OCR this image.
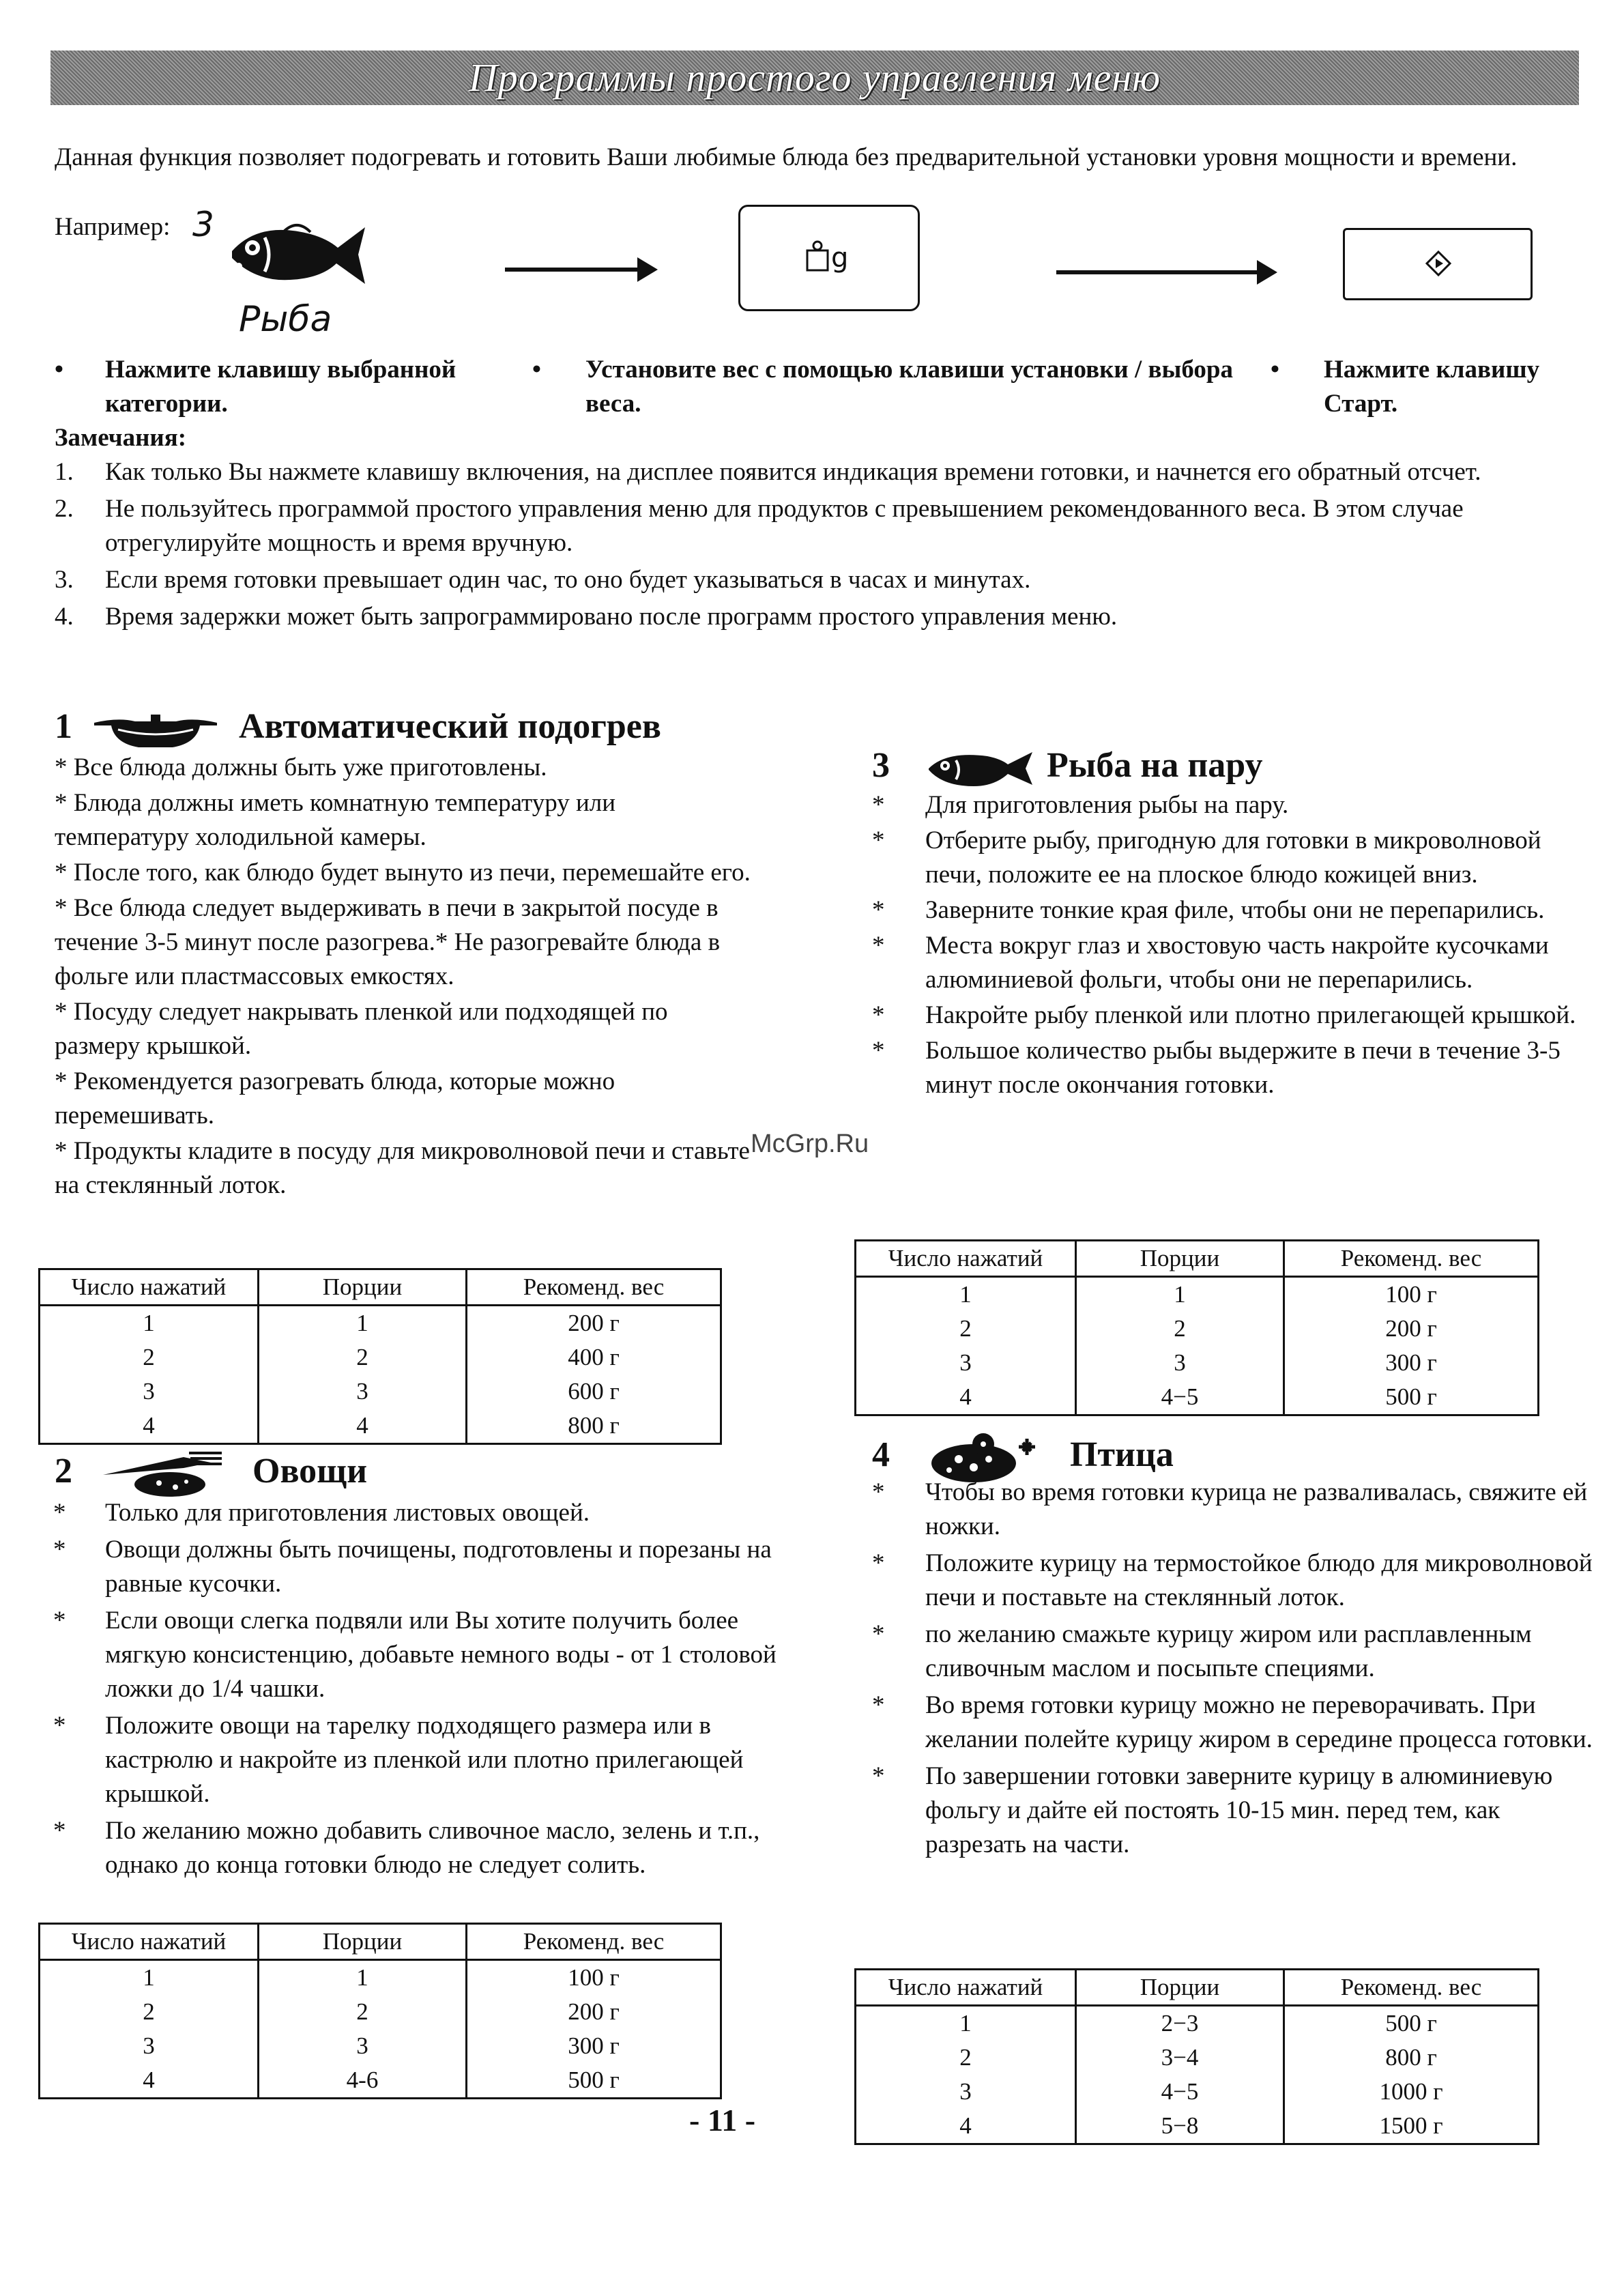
Программы простого управления меню
Данная функция позволяет подогревать и готовить Ваши любимые блюда без предварительной установки уровня мощности и времени.
Например: 3
Рыба
g
• Нажмите клавишу выбранной категории.
• Установите вес с помощью клавиши установки / выбора веса.
• Нажмите клавишу Старт.
Замечания:
1. Как только Вы нажмете клавишу включения, на дисплее появится индикация времени готовки, и начнется его обратный отсчет.
2. Не пользуйтесь программой простого управления меню для продуктов с превышением рекомендованного веса. В этом случае отрегулируйте мощность и время вручную.
3. Если время готовки превышает один час, то оно будет указываться в часах и минутах.
4. Время задержки может быть запрограммировано после программ простого управления меню.
1	Автоматический подогрев
* Все блюда должны быть уже приготовлены.
* Блюда должны иметь комнатную температуру или температуру холодильной камеры.
* После того, как блюдо будет вынуто из печи, перемешайте его.
* Все блюда следует выдерживать в печи в закрытой посуде в течение 3-5 минут после разогрева.* Не разогревайте блюда в фольге или пластмассовых емкостях.
* Посуду следует накрывать пленкой или подходящей по размеру крышкой.
* Рекомендуется разогревать блюда, которые можно перемешивать.
* Продукты кладите в посуду для микроволновой печи и ставьте на стеклянный лоток.
Число нажатий	Порции	Рекоменд. вес
1	1	200 г
2	2	400 г
3	3	600 г
4	4	800 г
2	Овощи
* Только для приготовления листовых овощей.
* Овощи должны быть почищены, подготовлены и порезаны на равные кусочки.
* Если овощи слегка подвяли или Вы хотите получить более мягкую консистенцию, добавьте немного воды - от 1 столовой ложки до 1/4 чашки.
* Положите овощи на тарелку подходящего размера или в кастрюлю и накройте из пленкой или плотно прилегающей крышкой.
* По желанию можно добавить сливочное масло, зелень и т.п., однако до конца готовки блюдо не следует солить.
Число нажатий	Порции	Рекоменд. вес
1	1	100 г
2	2	200 г
3	3	300 г
4	4-6	500 г
3	Рыба на пару
* Для приготовления рыбы на пару.
* Отберите рыбу, пригодную для готовки в микроволновой печи, положите ее на плоское блюдо кожицей вниз.
* Заверните тонкие края филе, чтобы они не перепарились.
* Места вокруг глаз и хвостовую часть накройте кусочками алюминиевой фольги, чтобы они не перепарились.
* Накройте рыбу пленкой или плотно прилегающей крышкой.
* Большое количество рыбы выдержите в печи в течение 3-5 минут после окончания готовки.
Число нажатий	Порции	Рекоменд. вес
1	1	100 г
2	2	200 г
3	3	300 г
4	4−5	500 г
4	Птица
* Чтобы во время готовки курица не разваливалась, свяжите ей ножки.
* Положите курицу на термостойкое блюдо для микроволновой печи и поставьте на стеклянный лоток.
* по желанию смажьте курицу жиром или расплавленным сливочным маслом и посыпьте специями.
* Во время готовки курицу можно не переворачивать. При желании полейте курицу жиром в середине процесса готовки.
* По завершении готовки заверните курицу в алюминиевую фольгу и дайте ей постоять 10-15 мин. перед тем, как разрезать на части.
Число нажатий	Порции	Рекоменд. вес
1	2−3	500 г
2	3−4	800 г
3	4−5	1000 г
4	5−8	1500 г
McGrp.Ru
- 11 -
